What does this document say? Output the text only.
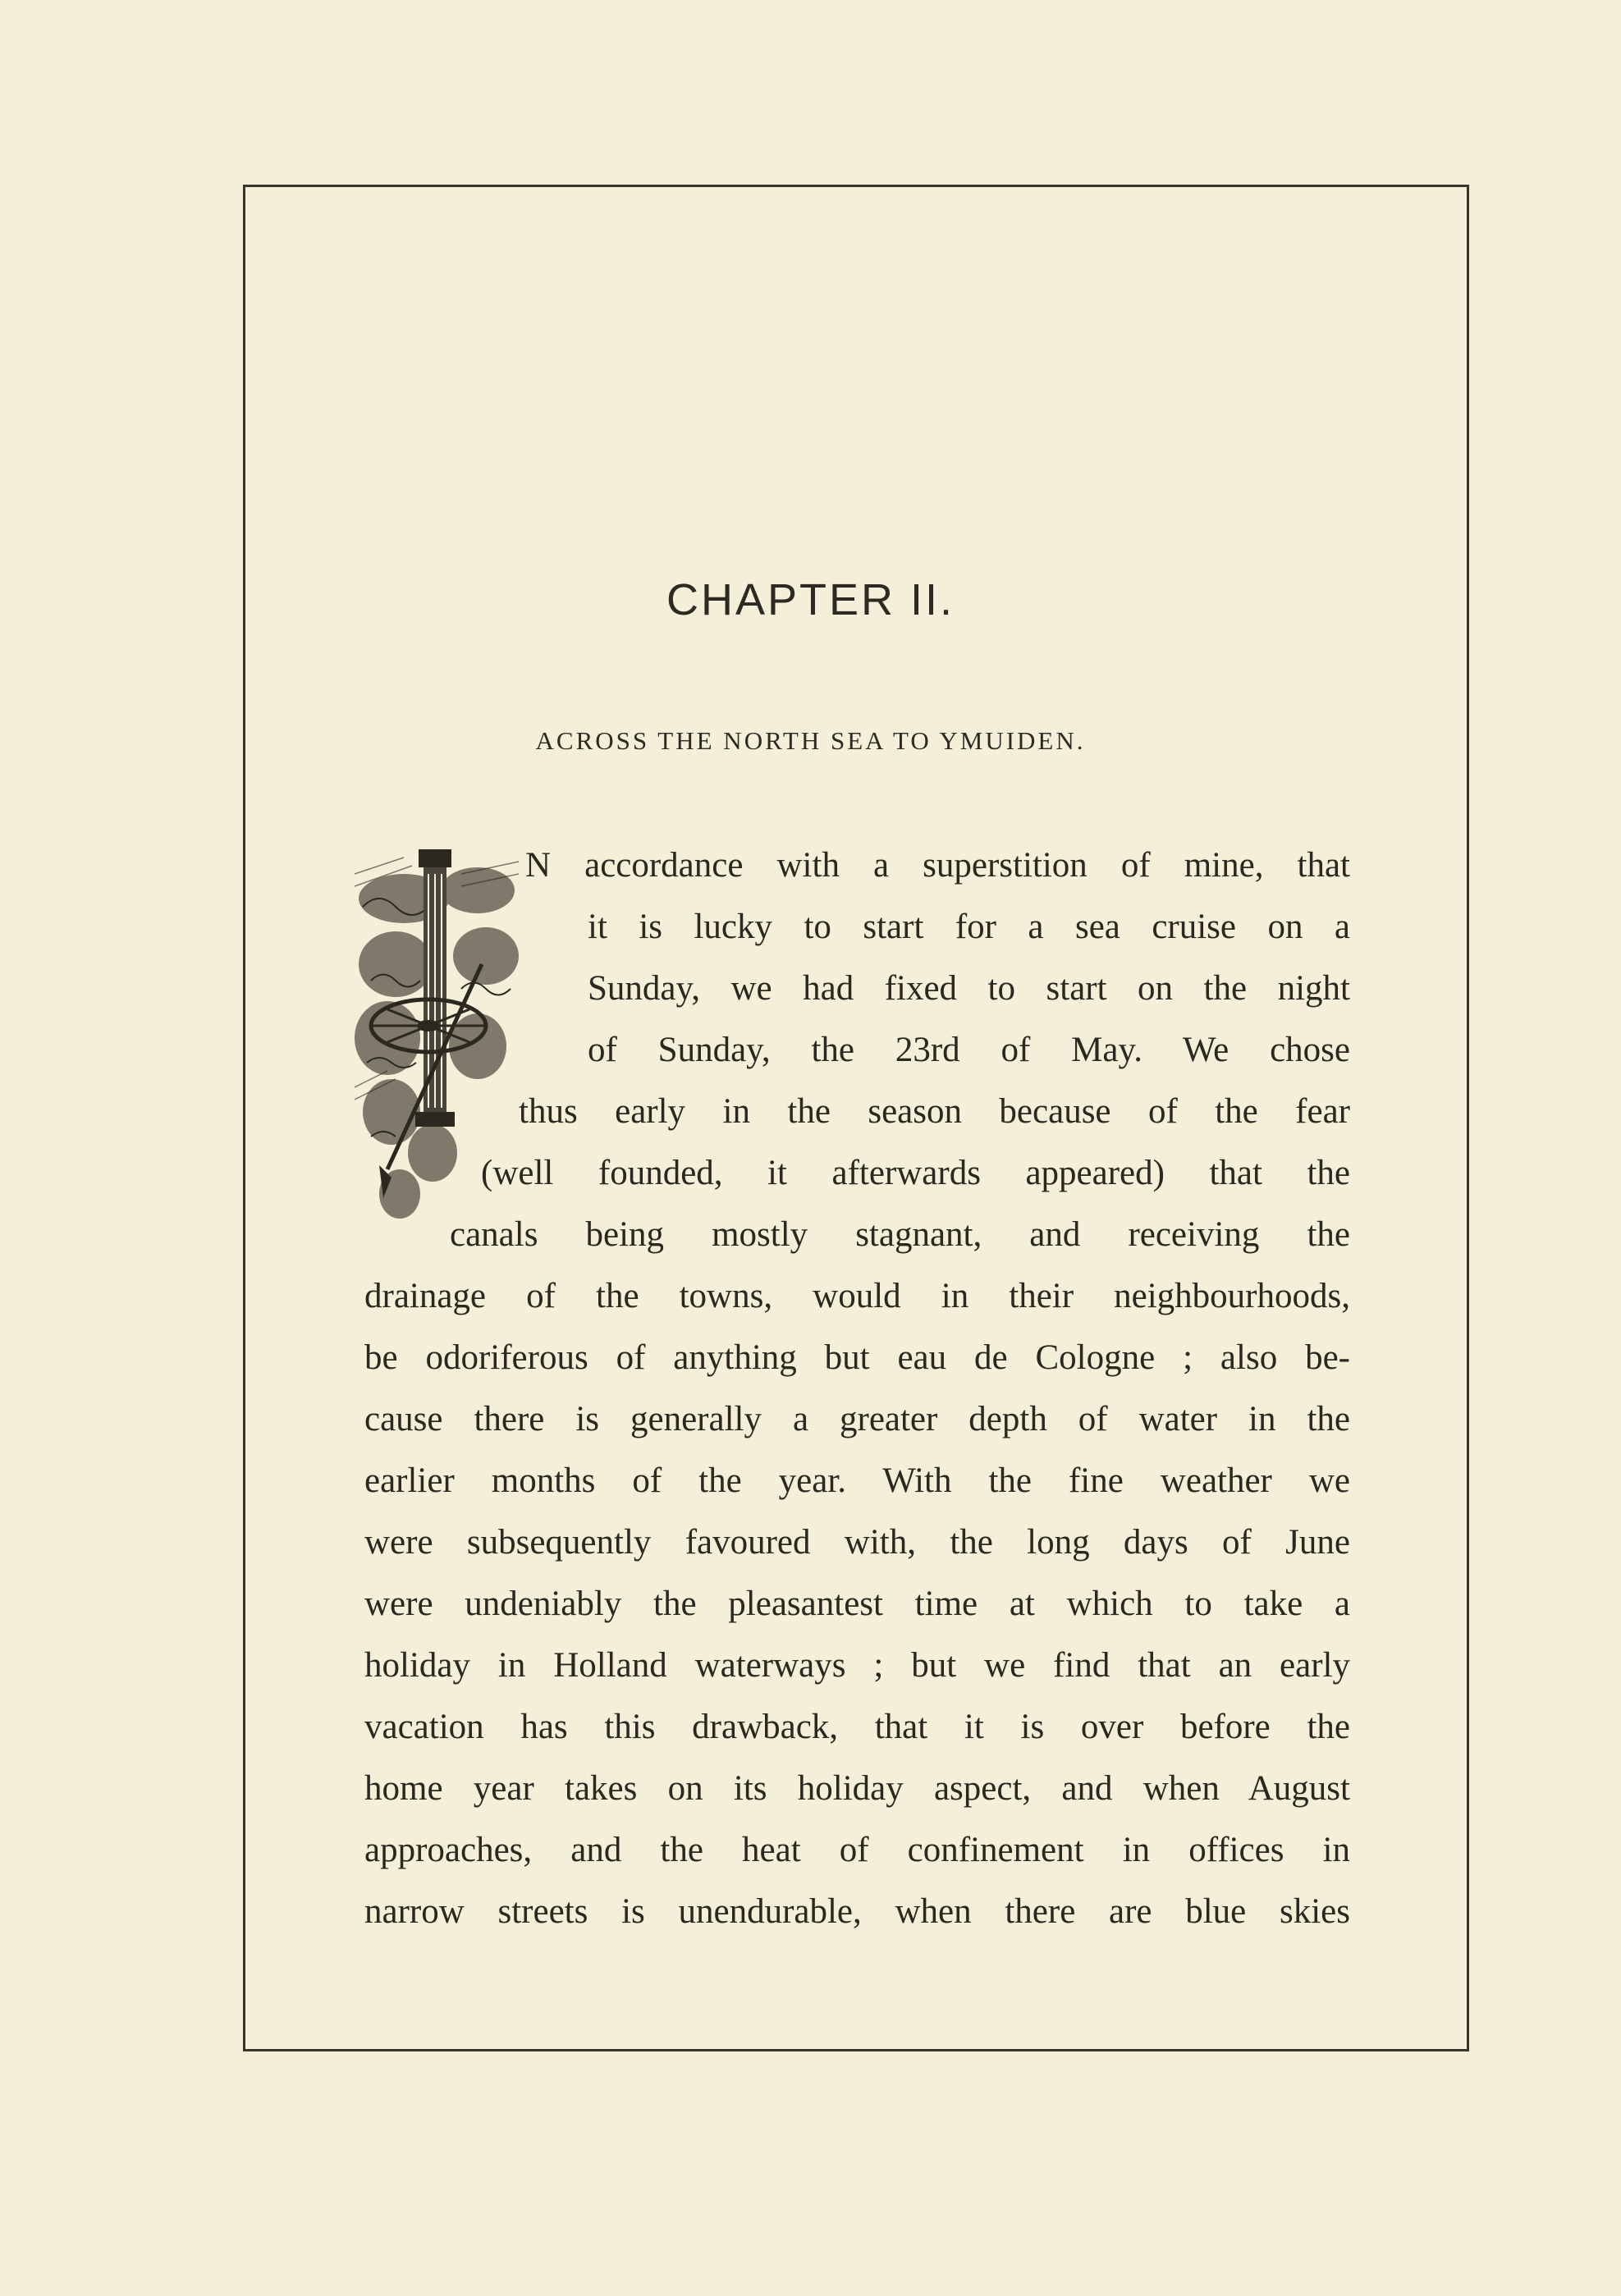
CHAPTER II.
ACROSS THE NORTH SEA TO YMUIDEN.
N accordance with a superstition of mine, that
it is lucky to start for a sea cruise on a
Sunday, we had fixed to start on the night
of Sunday, the 23rd of May. We chose
thus early in the season because of the fear
(well founded, it afterwards appeared) that the
canals being mostly stagnant, and receiving the
drainage of the towns, would in their neighbourhoods,
be odoriferous of anything but eau de Cologne ; also be-
cause there is generally a greater depth of water in the
earlier months of the year. With the fine weather we
were subsequently favoured with, the long days of June
were undeniably the pleasantest time at which to take a
holiday in Holland waterways ; but we find that an early
vacation has this drawback, that it is over before the
home year takes on its holiday aspect, and when August
approaches, and the heat of confinement in offices in
narrow streets is unendurable, when there are blue skies
